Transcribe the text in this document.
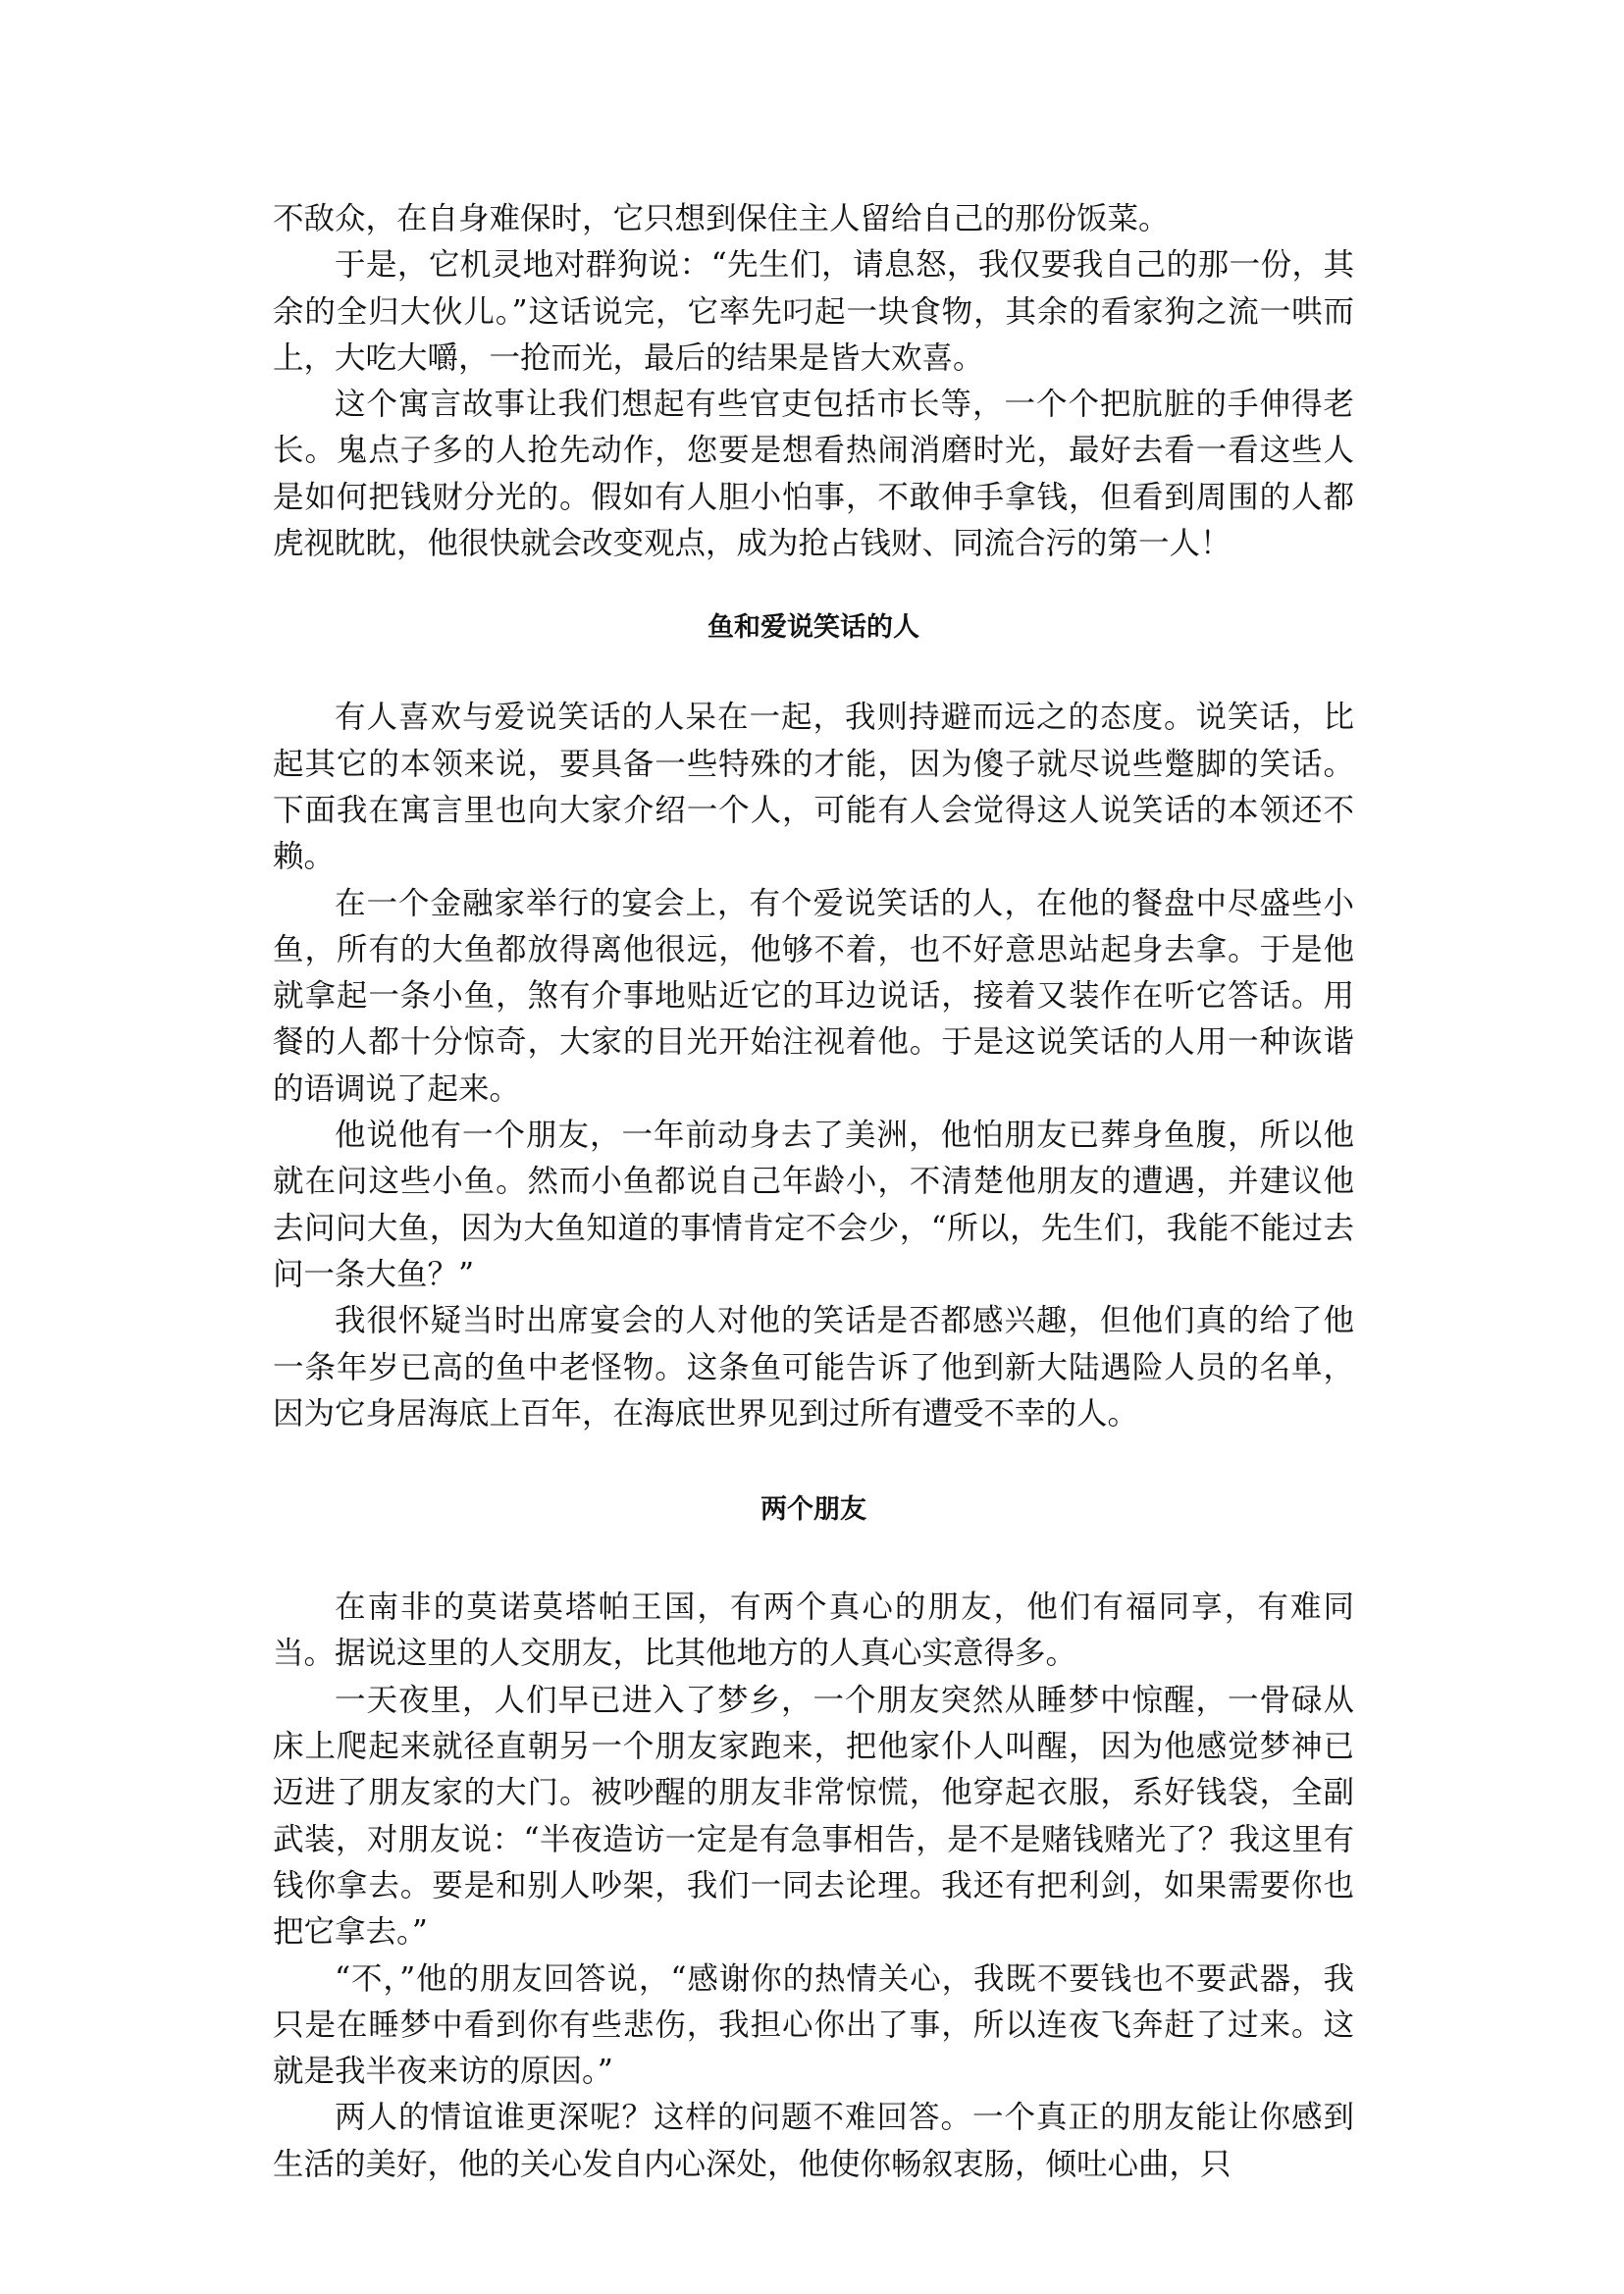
不敌众，在自身难保时，它只想到保住主人留给自己的那份饭菜。

于是，它机灵地对群狗说：“先生们，请息怒，我仅要我自己的那一份，其余的全归大伙儿。”这话说完，它率先叼起一块食物，其余的看家狗之流一哄而上，大吃大嚼，一抢而光，最后的结果是皆大欢喜。

这个寓言故事让我们想起有些官吏包括市长等，一个个把肮脏的手伸得老长。鬼点子多的人抢先动作，您要是想看热闹消磨时光，最好去看一看这些人是如何把钱财分光的。假如有人胆小怕事，不敢伸手拿钱，但看到周围的人都虎视眈眈，他很快就会改变观点，成为抢占钱财、同流合污的第一人！

鱼和爱说笑话的人

有人喜欢与爱说笑话的人呆在一起，我则持避而远之的态度。说笑话，比起其它的本领来说，要具备一些特殊的才能，因为傻子就尽说些蹩脚的笑话。下面我在寓言里也向大家介绍一个人，可能有人会觉得这人说笑话的本领还不赖。

在一个金融家举行的宴会上，有个爱说笑话的人，在他的餐盘中尽盛些小鱼，所有的大鱼都放得离他很远，他够不着，也不好意思站起身去拿。于是他就拿起一条小鱼，煞有介事地贴近它的耳边说话，接着又装作在听它答话。用餐的人都十分惊奇，大家的目光开始注视着他。于是这说笑话的人用一种诙谐的语调说了起来。

他说他有一个朋友，一年前动身去了美洲，他怕朋友已葬身鱼腹，所以他就在问这些小鱼。然而小鱼都说自己年龄小，不清楚他朋友的遭遇，并建议他去问问大鱼，因为大鱼知道的事情肯定不会少，“所以，先生们，我能不能过去问一条大鱼？”

我很怀疑当时出席宴会的人对他的笑话是否都感兴趣，但他们真的给了他一条年岁已高的鱼中老怪物。这条鱼可能告诉了他到新大陆遇险人员的名单，因为它身居海底上百年，在海底世界见到过所有遭受不幸的人。

两个朋友

在南非的莫诺莫塔帕王国，有两个真心的朋友，他们有福同享，有难同当。据说这里的人交朋友，比其他地方的人真心实意得多。

一天夜里，人们早已进入了梦乡，一个朋友突然从睡梦中惊醒，一骨碌从床上爬起来就径直朝另一个朋友家跑来，把他家仆人叫醒，因为他感觉梦神已迈进了朋友家的大门。被吵醒的朋友非常惊慌，他穿起衣服，系好钱袋，全副武装，对朋友说：“半夜造访一定是有急事相告，是不是赌钱赌光了？我这里有钱你拿去。要是和别人吵架，我们一同去论理。我还有把利剑，如果需要你也把它拿去。”

“不，”他的朋友回答说，“感谢你的热情关心，我既不要钱也不要武器，我只是在睡梦中看到你有些悲伤，我担心你出了事，所以连夜飞奔赶了过来。这就是我半夜来访的原因。”

两人的情谊谁更深呢？这样的问题不难回答。一个真正的朋友能让你感到生活的美好，他的关心发自内心深处，他使你畅叙衷肠，倾吐心曲，只
